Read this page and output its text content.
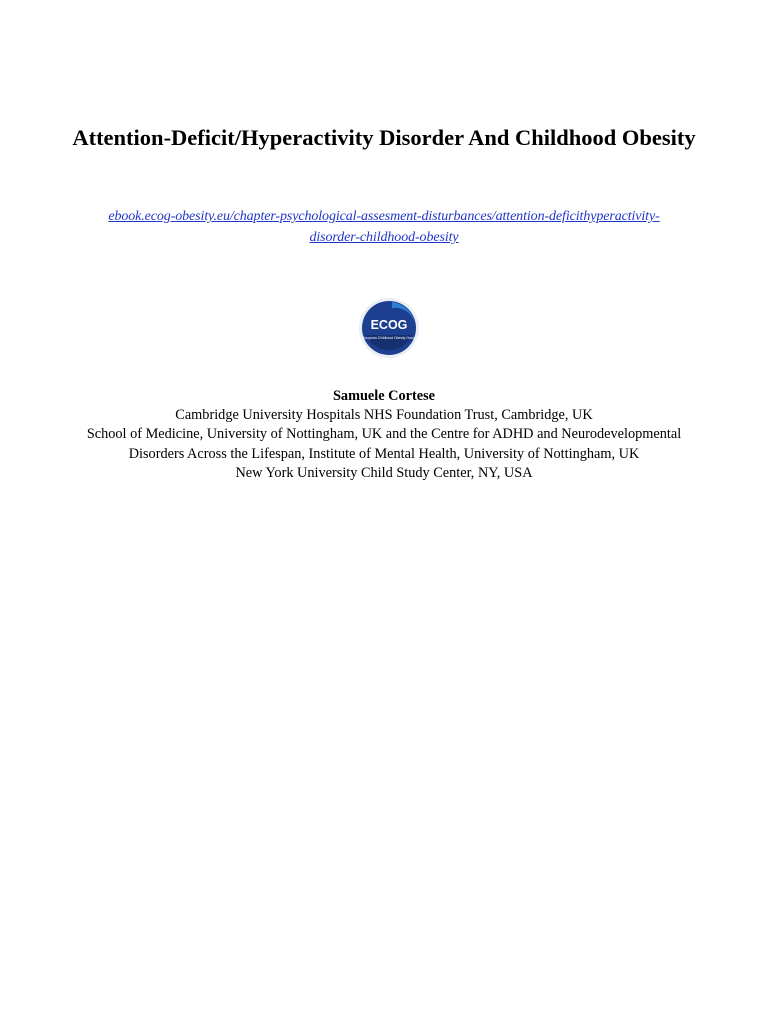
Attention-Deficit/Hyperactivity Disorder And Childhood Obesity
ebook.ecog-obesity.eu/chapter-psychological-assesment-disturbances/attention-deficithyperactivity-disorder-childhood-obesity
ECOG
European Childhood Obesity Group
Samuele Cortese
Cambridge University Hospitals NHS Foundation Trust, Cambridge, UK
School of Medicine, University of Nottingham, UK and the Centre for ADHD and Neurodevelopmental
Disorders Across the Lifespan, Institute of Mental Health, University of Nottingham, UK
New York University Child Study Center, NY, USA
